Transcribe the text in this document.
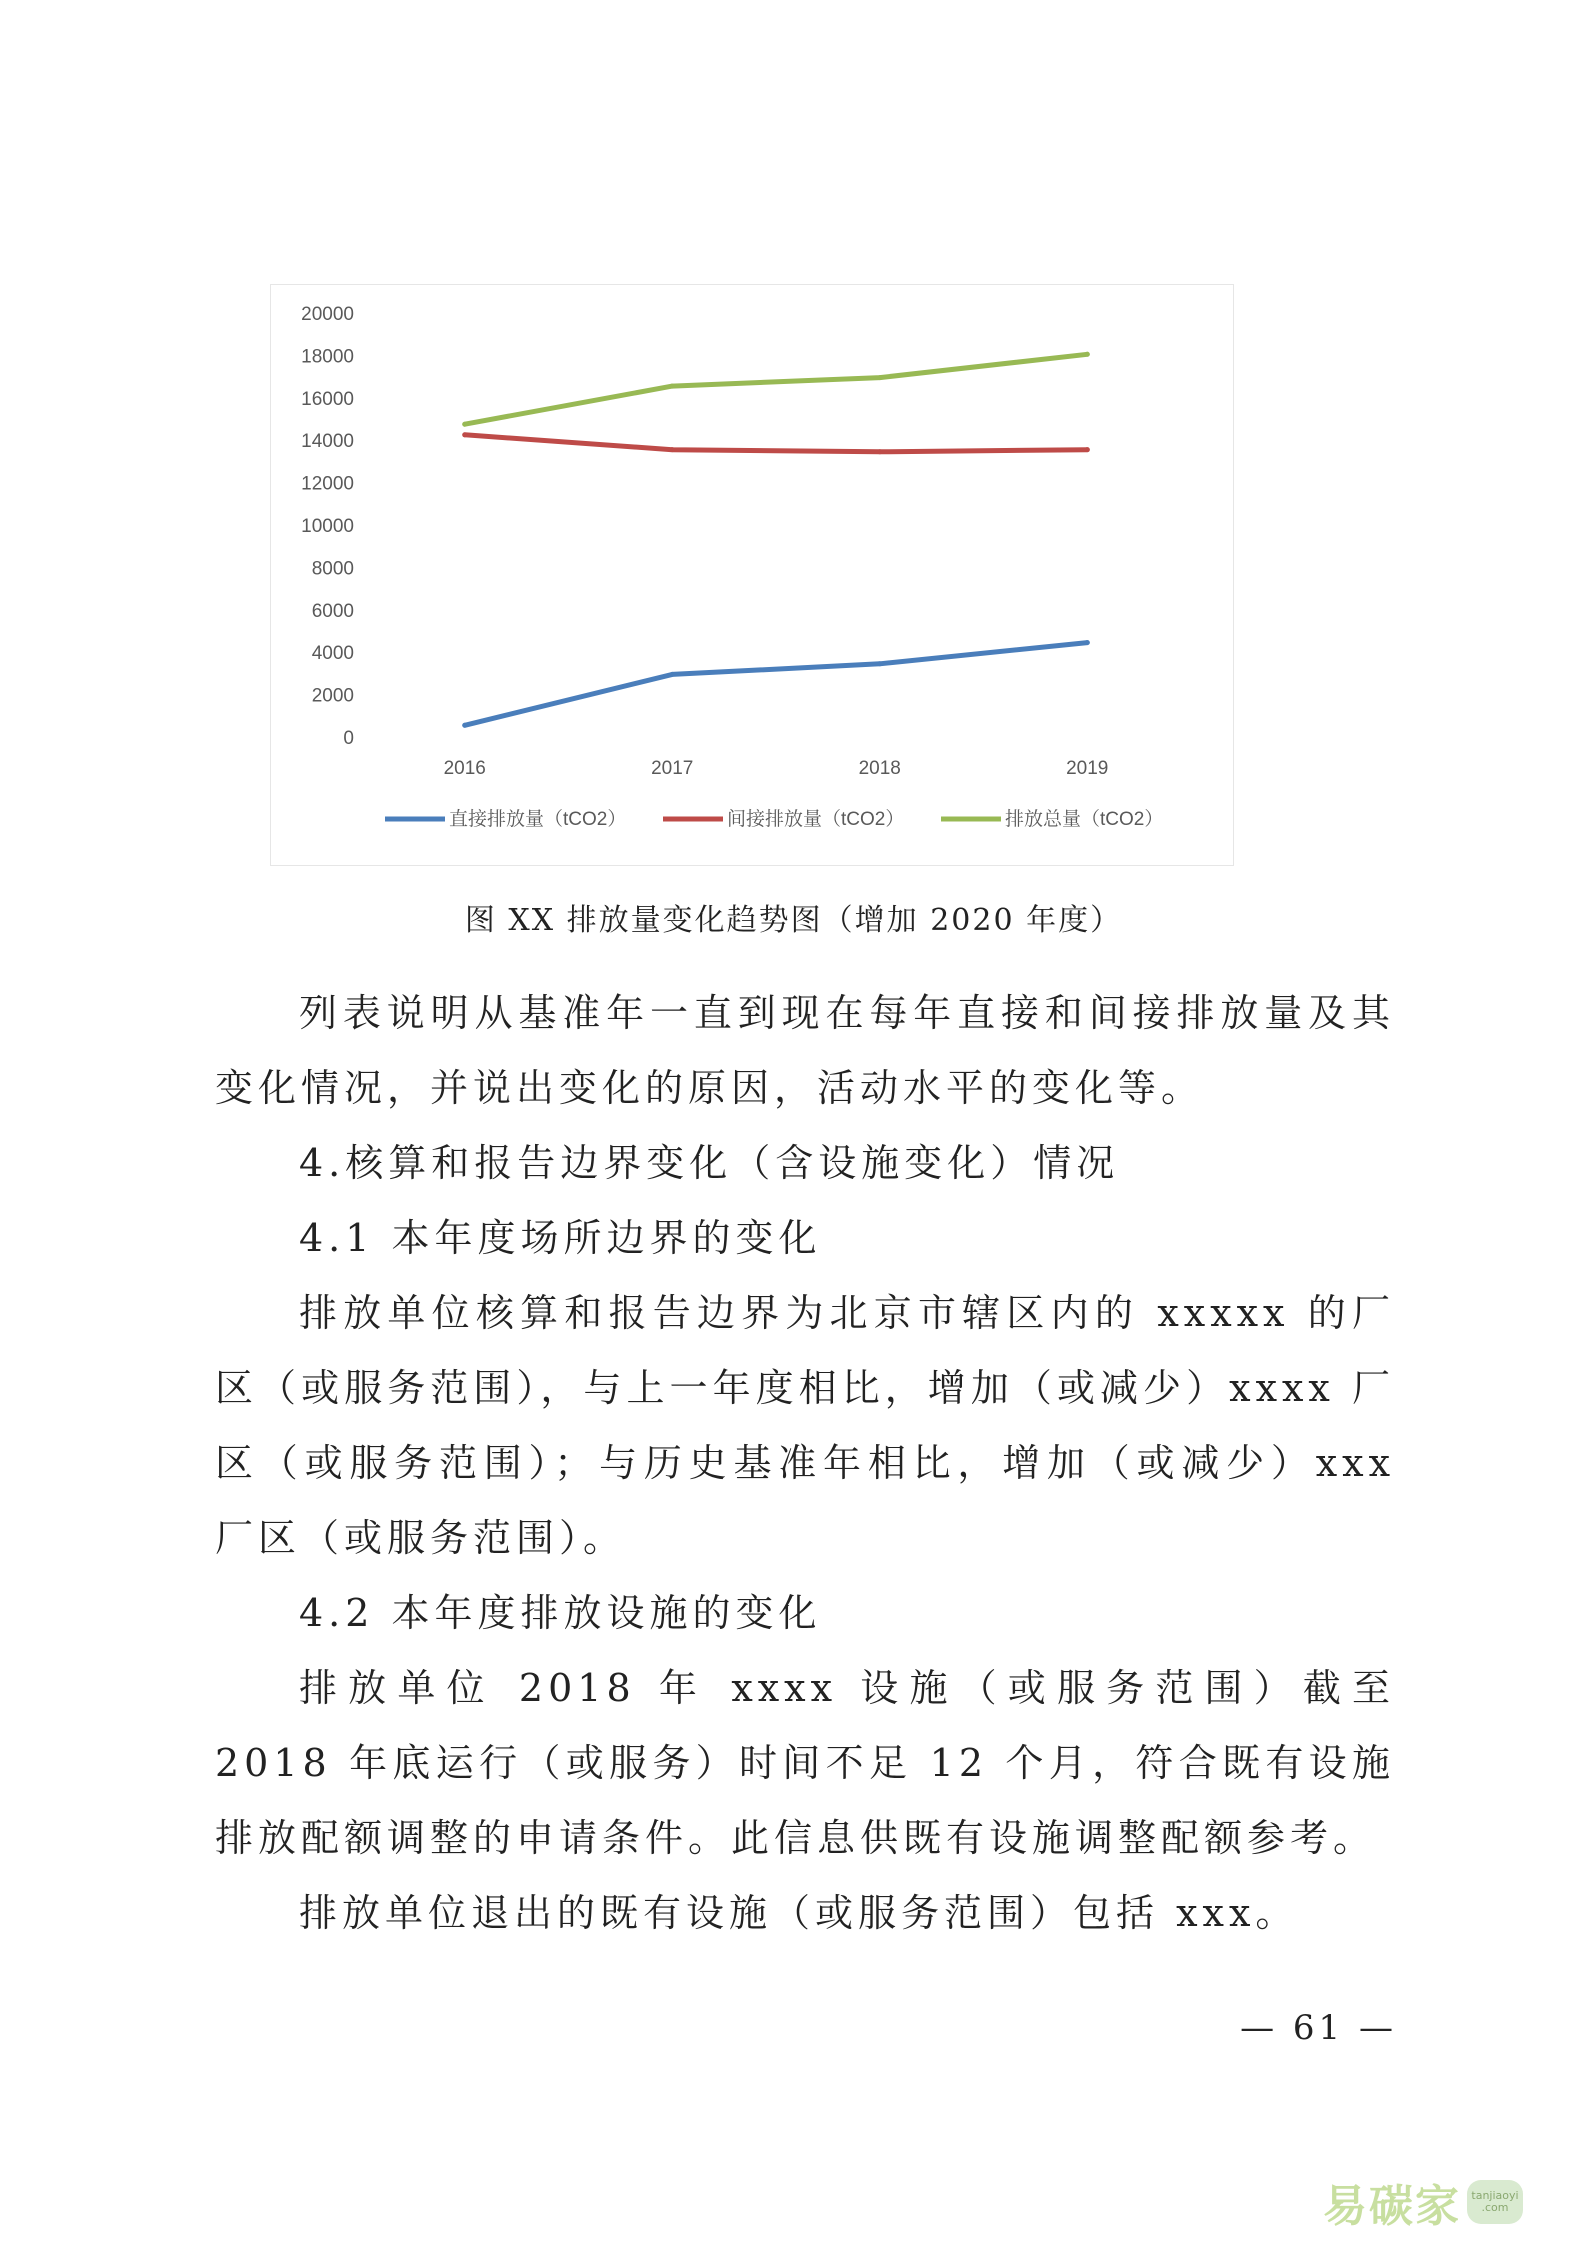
0
2000
4000
6000
8000
10000
12000
14000
16000
18000
20000
2016	2017	2018	2019
直接排放量（tCO2）	间接排放量（tCO2）	排放总量（tCO2）
图 XX 排放量变化趋势图（增加 2020 年度）
列表说明从基准年一直到现在每年直接和间接排放量及其变化情况，并说出变化的原因，活动水平的变化等。
4.核算和报告边界变化（含设施变化）情况
4.1 本年度场所边界的变化
排放单位核算和报告边界为北京市辖区内的 xxxxx 的厂区（或服务范围），与上一年度相比，增加（或减少）xxxx 厂区（或服务范围）；与历史基准年相比，增加（或减少）xxx 厂区（或服务范围）。
4.2 本年度排放设施的变化
排放单位 2018 年 xxxx 设施（或服务范围）截至 2018 年底运行（或服务）时间不足 12 个月，符合既有设施排放配额调整的申请条件。此信息供既有设施调整配额参考。
排放单位退出的既有设施（或服务范围）包括 xxx。
— 61 —
易碳家 tanjiaoyi
.com
